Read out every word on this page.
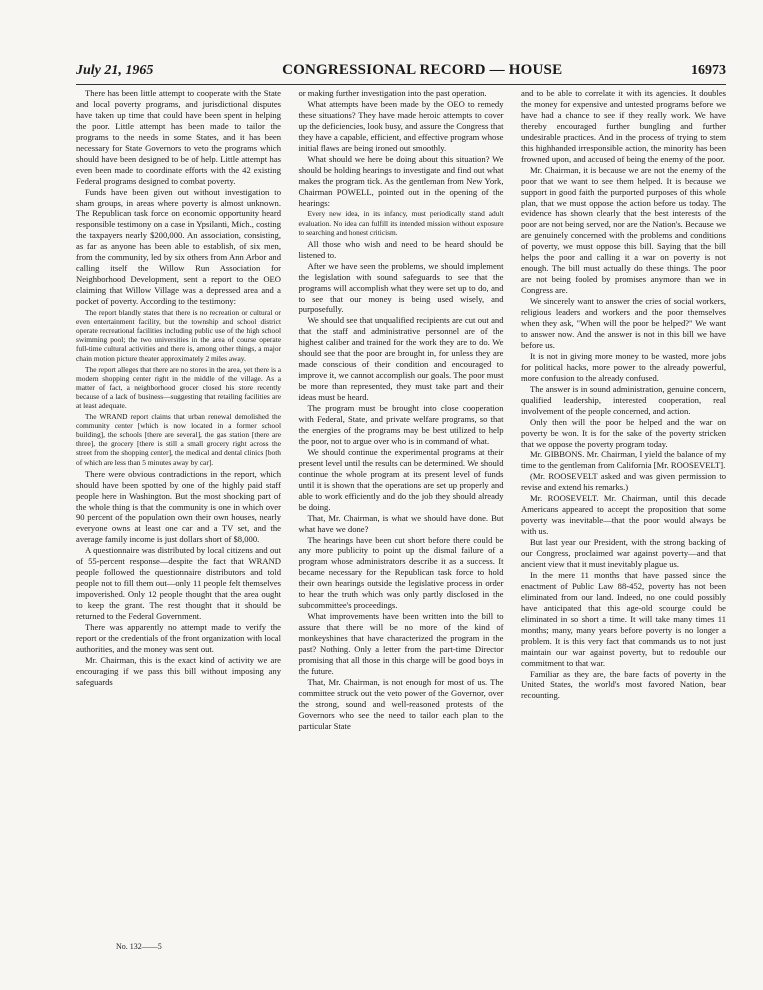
July 21, 1965	CONGRESSIONAL RECORD — HOUSE	16973

There has been little attempt to cooperate with the State and local poverty programs, and jurisdictional disputes have taken up time that could have been spent in helping the poor. Little attempt has been made to tailor the programs to the needs in some States, and it has been necessary for State Governors to veto the programs which should have been designed to be of help. Little attempt has even been made to coordinate efforts with the 42 existing Federal programs designed to combat poverty.

Funds have been given out without investigation to sham groups, in areas where poverty is almost unknown. The Republican task force on economic opportunity heard responsible testimony on a case in Ypsilanti, Mich., costing the taxpayers nearly $200,000. An association, consisting, as far as anyone has been able to establish, of six men, from the community, led by six others from Ann Arbor and calling itself the Willow Run Association for Neighborhood Development, sent a report to the OEO claiming that Willow Village was a depressed area and a pocket of poverty. According to the testimony:

The report blandly states that there is no recreation or cultural or even entertainment facility, but the township and school district operate recreational facilities including public use of the high school swimming pool; the two universities in the area of course operate full-time cultural activities and there is, among other things, a major chain motion picture theater approximately 2 miles away.

The report alleges that there are no stores in the area, yet there is a modern shopping center right in the middle of the village. As a matter of fact, a neighborhood grocer closed his store recently because of a lack of business—suggesting that retailing facilities are at least adequate.

The WRAND report claims that urban renewal demolished the community center [which is now located in a former school building], the schools [there are several], the gas station [there are three], the grocery [there is still a small grocery right across the street from the shopping center], the medical and dental clinics [both of which are less than 5 minutes away by car].

There were obvious contradictions in the report, which should have been spotted by one of the highly paid staff people here in Washington. But the most shocking part of the whole thing is that the community is one in which over 90 percent of the population own their own houses, nearly everyone owns at least one car and a TV set, and the average family income is just dollars short of $8,000.

A questionnaire was distributed by local citizens and out of 55-percent response—despite the fact that WRAND people followed the questionnaire distributors and told people not to fill them out—only 11 people felt themselves impoverished. Only 12 people thought that the area ought to keep the grant. The rest thought that it should be returned to the Federal Government.

There was apparently no attempt made to verify the report or the credentials of the front organization with local authorities, and the money was sent out.

Mr. Chairman, this is the exact kind of activity we are encouraging if we pass this bill without imposing any safeguards

or making further investigation into the past operation.

What attempts have been made by the OEO to remedy these situations? They have made heroic attempts to cover up the deficiencies, look busy, and assure the Congress that they have a capable, efficient, and effective program whose initial flaws are being ironed out smoothly.

What should we here be doing about this situation? We should be holding hearings to investigate and find out what makes the program tick. As the gentleman from New York, Chairman POWELL, pointed out in the opening of the hearings:

Every new idea, in its infancy, must periodically stand adult evaluation. No idea can fulfill its intended mission without exposure to searching and honest criticism.

All those who wish and need to be heard should be listened to.

After we have seen the problems, we should implement the legislation with sound safeguards to see that the programs will accomplish what they were set up to do, and to see that our money is being used wisely, and purposefully.

We should see that unqualified recipients are cut out and that the staff and administrative personnel are of the highest caliber and trained for the work they are to do. We should see that the poor are brought in, for unless they are made conscious of their condition and encouraged to improve it, we cannot accomplish our goals. The poor must be more than represented, they must take part and their ideas must be heard.

The program must be brought into close cooperation with Federal, State, and private welfare programs, so that the energies of the programs may be best utilized to help the poor, not to argue over who is in command of what.

We should continue the experimental programs at their present level until the results can be determined. We should continue the whole program at its present level of funds until it is shown that the operations are set up properly and able to work efficiently and do the job they should already be doing.

That, Mr. Chairman, is what we should have done. But what have we done?

The hearings have been cut short before there could be any more publicity to point up the dismal failure of a program whose administrators describe it as a success. It became necessary for the Republican task force to hold their own hearings outside the legislative process in order to hear the truth which was only partly disclosed in the subcommittee's proceedings.

What improvements have been written into the bill to assure that there will be no more of the kind of monkeyshines that have characterized the program in the past? Nothing. Only a letter from the part-time Director promising that all those in this charge will be good boys in the future.

That, Mr. Chairman, is not enough for most of us. The committee struck out the veto power of the Governor, over the strong, sound and well-reasoned protests of the Governors who see the need to tailor each plan to the particular State

and to be able to correlate it with its agencies. It doubles the money for expensive and untested programs before we have had a chance to see if they really work. We have thereby encouraged further bungling and further undesirable practices. And in the process of trying to stem this highhanded irresponsible action, the minority has been frowned upon, and accused of being the enemy of the poor.

Mr. Chairman, it is because we are not the enemy of the poor that we want to see them helped. It is because we support in good faith the purported purposes of this whole plan, that we must oppose the action before us today. The evidence has shown clearly that the best interests of the poor are not being served, nor are the Nation's. Because we are genuinely concerned with the problems and conditions of poverty, we must oppose this bill. Saying that the bill helps the poor and calling it a war on poverty is not enough. The bill must actually do these things. The poor are not being fooled by promises anymore than we in Congress are.

We sincerely want to answer the cries of social workers, religious leaders and workers and the poor themselves when they ask, "When will the poor be helped?" We want to answer now. And the answer is not in this bill we have before us.

It is not in giving more money to be wasted, more jobs for political hacks, more power to the already powerful, more confusion to the already confused.

The answer is in sound administration, genuine concern, qualified leadership, interested cooperation, real involvement of the people concerned, and action.

Only then will the poor be helped and the war on poverty be won. It is for the sake of the poverty stricken that we oppose the poverty program today.

Mr. GIBBONS. Mr. Chairman, I yield the balance of my time to the gentleman from California [Mr. ROOSEVELT].

(Mr. ROOSEVELT asked and was given permission to revise and extend his remarks.)

Mr. ROOSEVELT. Mr. Chairman, until this decade Americans appeared to accept the proposition that some poverty was inevitable—that the poor would always be with us.

But last year our President, with the strong backing of our Congress, proclaimed war against poverty—and that ancient view that it must inevitably plague us.

In the mere 11 months that have passed since the enactment of Public Law 88-452, poverty has not been eliminated from our land. Indeed, no one could possibly have anticipated that this age-old scourge could be eliminated in so short a time. It will take many times 11 months; many, many years before poverty is no longer a problem. It is this very fact that commands us to not just maintain our war against poverty, but to redouble our commitment to that war.

Familiar as they are, the bare facts of poverty in the United States, the world's most favored Nation, bear recounting.

No. 132——5
